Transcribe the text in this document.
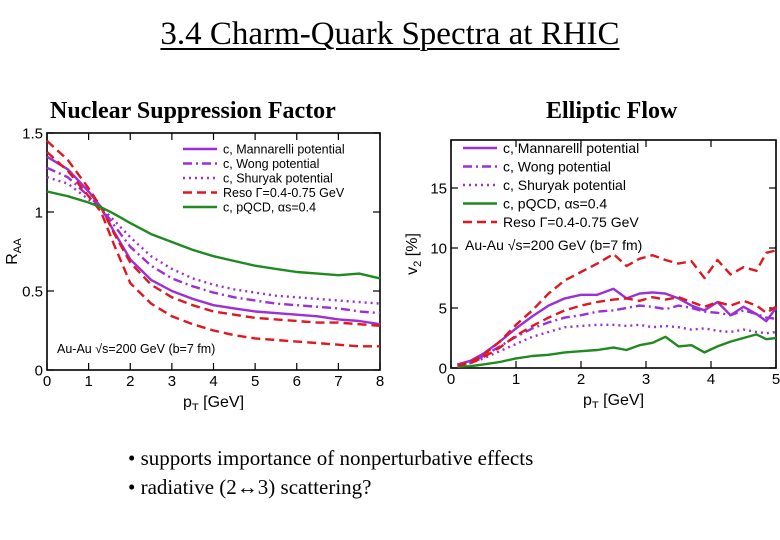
3.4 Charm-Quark Spectra at RHIC
Nuclear Suppression Factor	Elliptic Flow
0 1 2 3 4 5 6 7 8
0
0.5
1
1.5
c, Mannarelli potential
c, Wong potential
c, Shuryak potential
Reso Γ=0.4-0.75 GeV
c, pQCD, αs=0.4
Au-Au √s=200 GeV (b=7 fm)
$p_T$ [GeV]
$R_{AA}$
0	1	2	3	4	5
0
5
10
15
c, Mannarelli potential
c, Wong potential
c, Shuryak potential
c, pQCD, αs=0.4
Reso Γ=0.4-0.75 GeV
Au-Au √s=200 GeV (b=7 fm)
$p_T$ [GeV]
$v_2$ [%]
• supports importance of nonperturbative effects
• radiative (2↔3) scattering?
